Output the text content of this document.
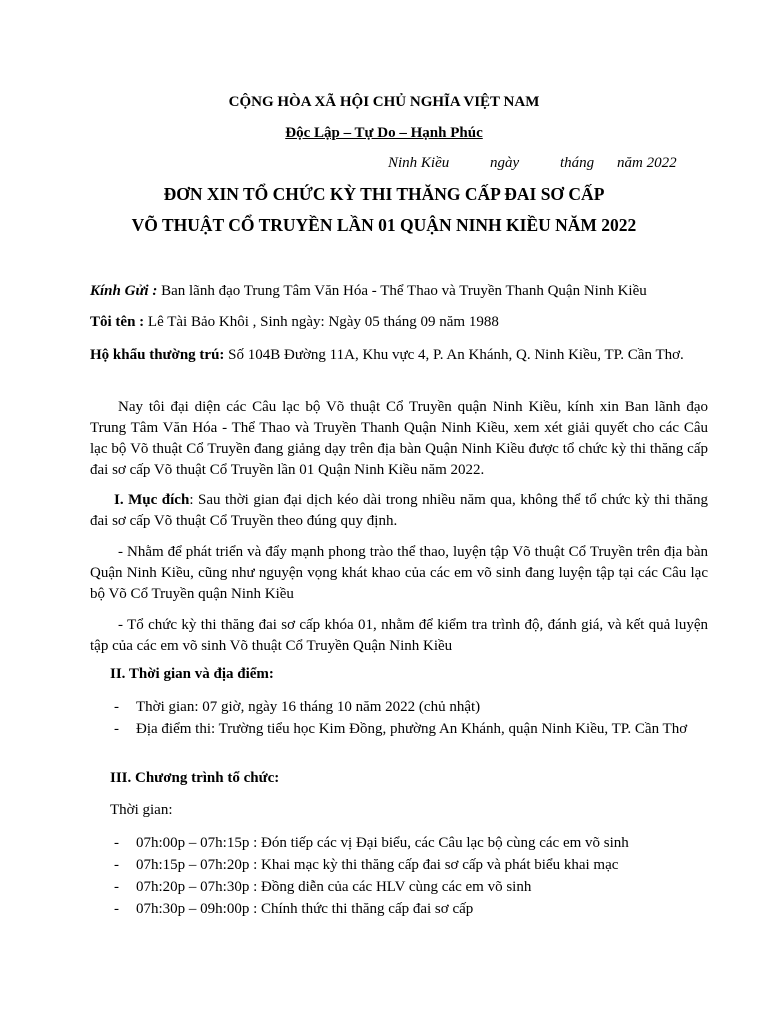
CỘNG HÒA XÃ HỘI CHỦ NGHĨA VIỆT NAM
Độc Lập – Tự Do – Hạnh Phúc
Ninh Kiều	ngày	tháng năm 2022
ĐƠN XIN TỔ CHỨC KỲ THI THĂNG CẤP ĐAI SƠ CẤP
VÕ THUẬT CỔ TRUYỀN LẦN 01 QUẬN NINH KIỀU NĂM 2022
Kính Gửi : Ban lãnh đạo Trung Tâm Văn Hóa - Thể Thao và Truyền Thanh Quận Ninh Kiều
Tôi tên : Lê Tài Bảo Khôi , Sinh ngày: Ngày 05 tháng 09 năm 1988
Hộ khẩu thường trú: Số 104B Đường 11A, Khu vực 4, P. An Khánh, Q. Ninh Kiều, TP. Cần Thơ.
Nay tôi đại diện các Câu lạc bộ Võ thuật Cổ Truyền quận Ninh Kiều, kính xin Ban lãnh đạo Trung Tâm Văn Hóa - Thể Thao và Truyền Thanh Quận Ninh Kiều, xem xét giải quyết cho các Câu lạc bộ Võ thuật Cổ Truyền đang giảng dạy trên địa bàn Quận Ninh Kiều được tổ chức kỳ thi thăng cấp đai sơ cấp Võ thuật Cổ Truyền lần 01 Quận Ninh Kiều năm 2022.
I. Mục đích: Sau thời gian đại dịch kéo dài trong nhiều năm qua, không thể tổ chức kỳ thi thăng đai sơ cấp Võ thuật Cổ Truyền theo đúng quy định.
- Nhằm để phát triển và đẩy mạnh phong trào thể thao, luyện tập Võ thuật Cổ Truyền trên địa bàn Quận Ninh Kiều, cũng như nguyện vọng khát khao của các em võ sinh đang luyện tập tại các Câu lạc bộ Võ Cổ Truyền quận Ninh Kiều
- Tổ chức kỳ thi thăng đai sơ cấp khóa 01, nhằm để kiểm tra trình độ, đánh giá, và kết quả luyện tập của các em võ sinh Võ thuật Cổ Truyền Quận Ninh Kiều
II. Thời gian và địa điểm:
- Thời gian: 07 giờ, ngày 16 tháng 10 năm 2022 (chủ nhật)
- Địa điểm thi: Trường tiểu học Kim Đồng, phường An Khánh, quận Ninh Kiều, TP. Cần Thơ
III. Chương trình tổ chức:
Thời gian:
- 07h:00p – 07h:15p : Đón tiếp các vị Đại biểu, các Câu lạc bộ cùng các em võ sinh
- 07h:15p – 07h:20p : Khai mạc kỳ thi thăng cấp đai sơ cấp và phát biểu khai mạc
- 07h:20p – 07h:30p : Đồng diễn của các HLV cùng các em võ sinh
- 07h:30p – 09h:00p : Chính thức thi thăng cấp đai sơ cấp
